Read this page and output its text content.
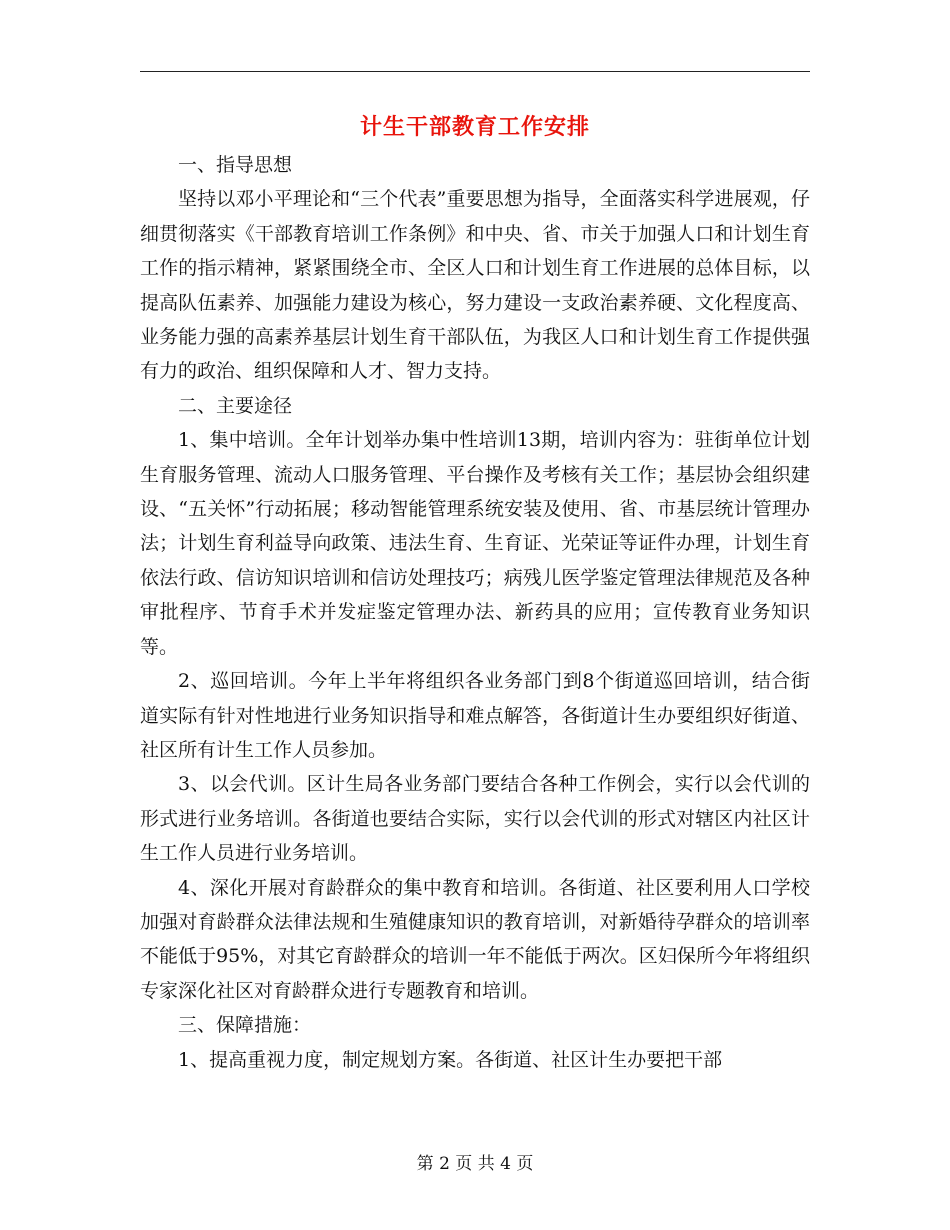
计生干部教育工作安排

一、指导思想

坚持以邓小平理论和“三个代表”重要思想为指导，全面落实科学进展观，仔细贯彻落实《干部教育培训工作条例》和中央、省、市关于加强人口和计划生育工作的指示精神，紧紧围绕全市、全区人口和计划生育工作进展的总体目标，以提高队伍素养、加强能力建设为核心，努力建设一支政治素养硬、文化程度高、业务能力强的高素养基层计划生育干部队伍，为我区人口和计划生育工作提供强有力的政治、组织保障和人才、智力支持。

二、主要途径

1、集中培训。全年计划举办集中性培训13期，培训内容为：驻街单位计划生育服务管理、流动人口服务管理、平台操作及考核有关工作；基层协会组织建设、“五关怀”行动拓展；移动智能管理系统安装及使用、省、市基层统计管理办法；计划生育利益导向政策、违法生育、生育证、光荣证等证件办理，计划生育依法行政、信访知识培训和信访处理技巧；病残儿医学鉴定管理法律规范及各种审批程序、节育手术并发症鉴定管理办法、新药具的应用；宣传教育业务知识等。

2、巡回培训。今年上半年将组织各业务部门到8个街道巡回培训，结合街道实际有针对性地进行业务知识指导和难点解答，各街道计生办要组织好街道、社区所有计生工作人员参加。

3、以会代训。区计生局各业务部门要结合各种工作例会，实行以会代训的形式进行业务培训。各街道也要结合实际，实行以会代训的形式对辖区内社区计生工作人员进行业务培训。

4、深化开展对育龄群众的集中教育和培训。各街道、社区要利用人口学校加强对育龄群众法律法规和生殖健康知识的教育培训，对新婚待孕群众的培训率不能低于95%，对其它育龄群众的培训一年不能低于两次。区妇保所今年将组织专家深化社区对育龄群众进行专题教育和培训。

三、保障措施：

1、提高重视力度，制定规划方案。各街道、社区计生办要把干部

第 2 页 共 4 页
